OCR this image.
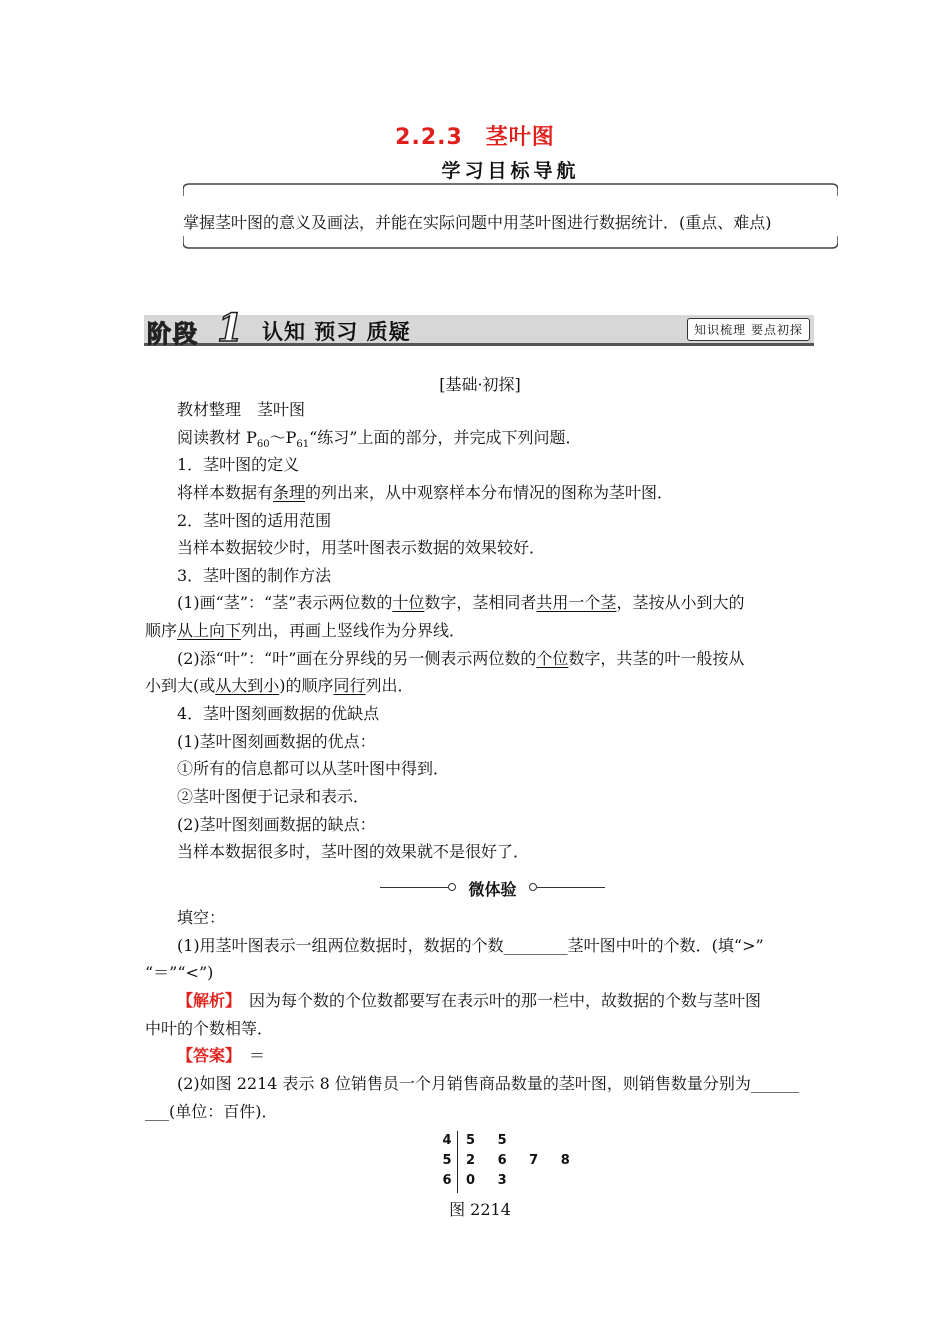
2.2.3　茎叶图
学习目标导航
掌握茎叶图的意义及画法，并能在实际问题中用茎叶图进行数据统计．(重点、难点)
阶段 1 认知 预习 质疑	知识梳理 要点初探
[基础·初探]
教材整理　茎叶图
阅读教材 $P_{60}\sim P_{61}“$练习”上面的部分，并完成下列问题．
1．茎叶图的定义
将样本数据有条理的列出来，从中观察样本分布情况的图称为茎叶图．
2．茎叶图的适用范围
当样本数据较少时，用茎叶图表示数据的效果较好．
3．茎叶图的制作方法
(1)画“茎”：“茎”表示两位数的十位数字，茎相同者共用一个茎，茎按从小到大的
顺序从上向下列出，再画上竖线作为分界线．
(2)添“叶”：“叶”画在分界线的另一侧表示两位数的个位数字，共茎的叶一般按从
小到大(或从大到小)的顺序同行列出．
4．茎叶图刻画数据的优缺点
(1)茎叶图刻画数据的优点：
①所有的信息都可以从茎叶图中得到．
②茎叶图便于记录和表示．
(2)茎叶图刻画数据的缺点：
当样本数据很多时，茎叶图的效果就不是很好了．
微体验
填空：
(1)用茎叶图表示一组两位数据时，数据的个数________茎叶图中叶的个数．(填“>”
“＝”“<”)
【解析】　因为每个数的个位数都要写在表示叶的那一栏中，故数据的个数与茎叶图
中叶的个数相等．
【答案】　＝
(2)如图 2214 表示 8 位销售员一个月销售商品数量的茎叶图，则销售数量分别为______
___(单位：百件)．
4 5 5
5 2 6 7 8
6 0 3
图 2214
